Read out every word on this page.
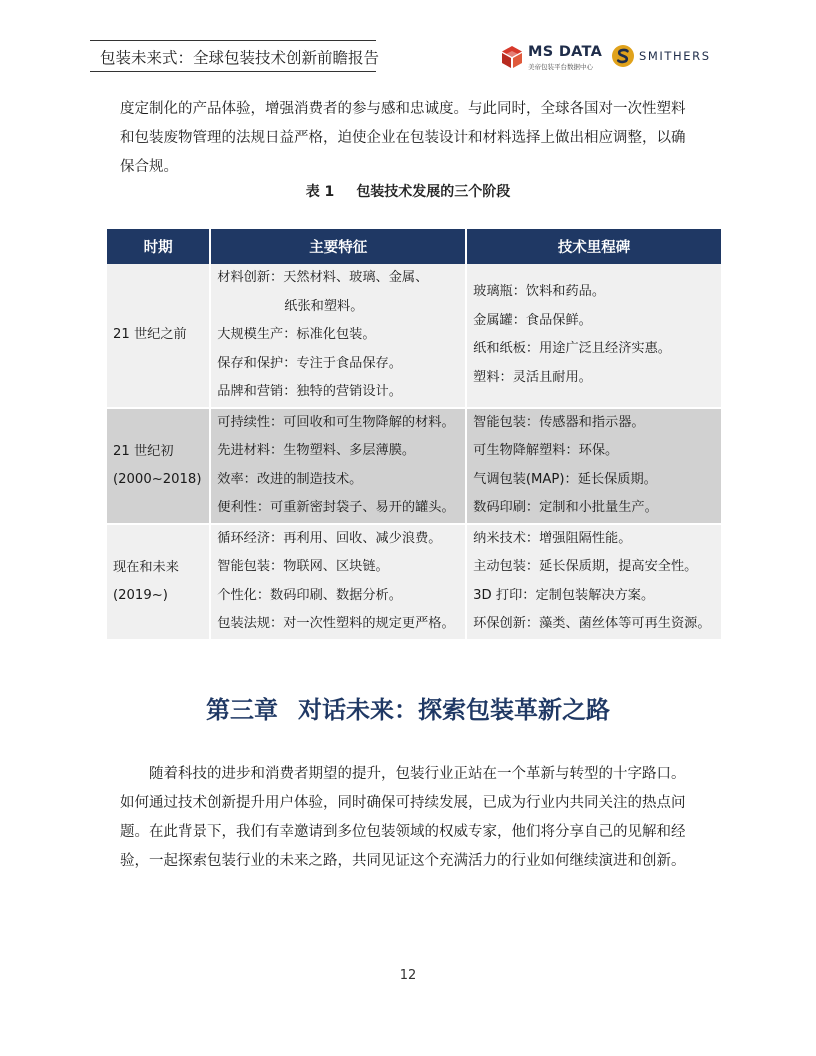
包装未来式：全球包装技术创新前瞻报告	MS DATA
美帝包装平台数据中心
SMITHERS

度定制化的产品体验，增强消费者的参与感和忠诚度。与此同时，全球各国对一次性塑料
和包装废物管理的法规日益严格，迫使企业在包装设计和材料选择上做出相应调整，以确
保合规。

表 1 包装技术发展的三个阶段
时期	主要特征	技术里程碑

21 世纪之前	材料创新：天然材料、玻璃、金属、
纸张和塑料。
大规模生产：标准化包装。
保存和保护：专注于食品保存。
品牌和营销：独特的营销设计。	玻璃瓶：饮料和药品。
金属罐：食品保鲜。
纸和纸板：用途广泛且经济实惠。
塑料：灵活且耐用。

21 世纪初
(2000~2018)	可持续性：可回收和可生物降解的材料。
先进材料：生物塑料、多层薄膜。
效率：改进的制造技术。
便利性：可重新密封袋子、易开的罐头。	智能包装：传感器和指示器。
可生物降解塑料：环保。
气调包装(MAP)：延长保质期。
数码印刷：定制和小批量生产。

现在和未来
(2019~)	循环经济：再利用、回收、减少浪费。
智能包装：物联网、区块链。
个性化：数码印刷、数据分析。
包装法规：对一次性塑料的规定更严格。	纳米技术：增强阻隔性能。
主动包装：延长保质期，提高安全性。
3D 打印：定制包装解决方案。
环保创新：藻类、菌丝体等可再生资源。
第三章 对话未来：探索包装革新之路

随着科技的进步和消费者期望的提升，包装行业正站在一个革新与转型的十字路口。
如何通过技术创新提升用户体验，同时确保可持续发展，已成为行业内共同关注的热点问
题。在此背景下，我们有幸邀请到多位包装领域的权威专家，他们将分享自己的见解和经
验，一起探索包装行业的未来之路，共同见证这个充满活力的行业如何继续演进和创新。

12
